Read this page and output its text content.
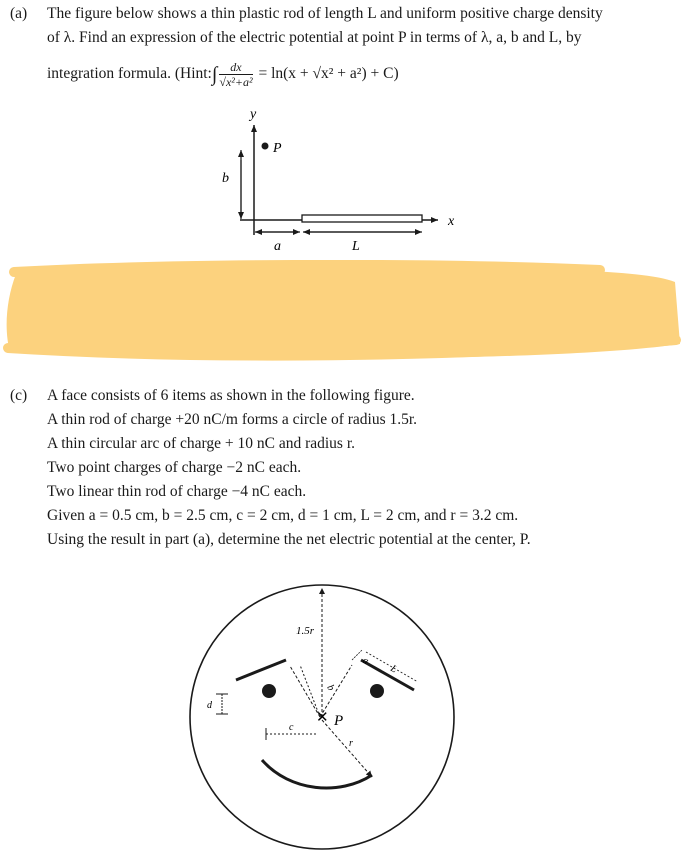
(a) The figure below shows a thin plastic rod of length L and uniform positive charge density
of λ. Find an expression of the electric potential at point P in terms of λ, a, b and L, by
integration formula. (Hint:∫ $\frac{dx}{\text{√x²+a²}} = \ln(x + √x^2 + a^2) + C$)
y
x
P
b
a	L
(c) A face consists of 6 items as shown in the following figure.
A thin rod of charge +20 nC/m forms a circle of radius 1.5r.
A thin circular arc of charge + 10 nC and radius r.
Two point charges of charge −2 nC each.
Two linear thin rod of charge −4 nC each.
Given a = 0.5 cm, b = 2.5 cm, c = 2 cm, d = 1 cm, L = 2 cm, and r = 3.2 cm.
Using the result in part (a), determine the net electric potential at the center, P.
1.5r
✕ P
b
a
L
d
c
r
